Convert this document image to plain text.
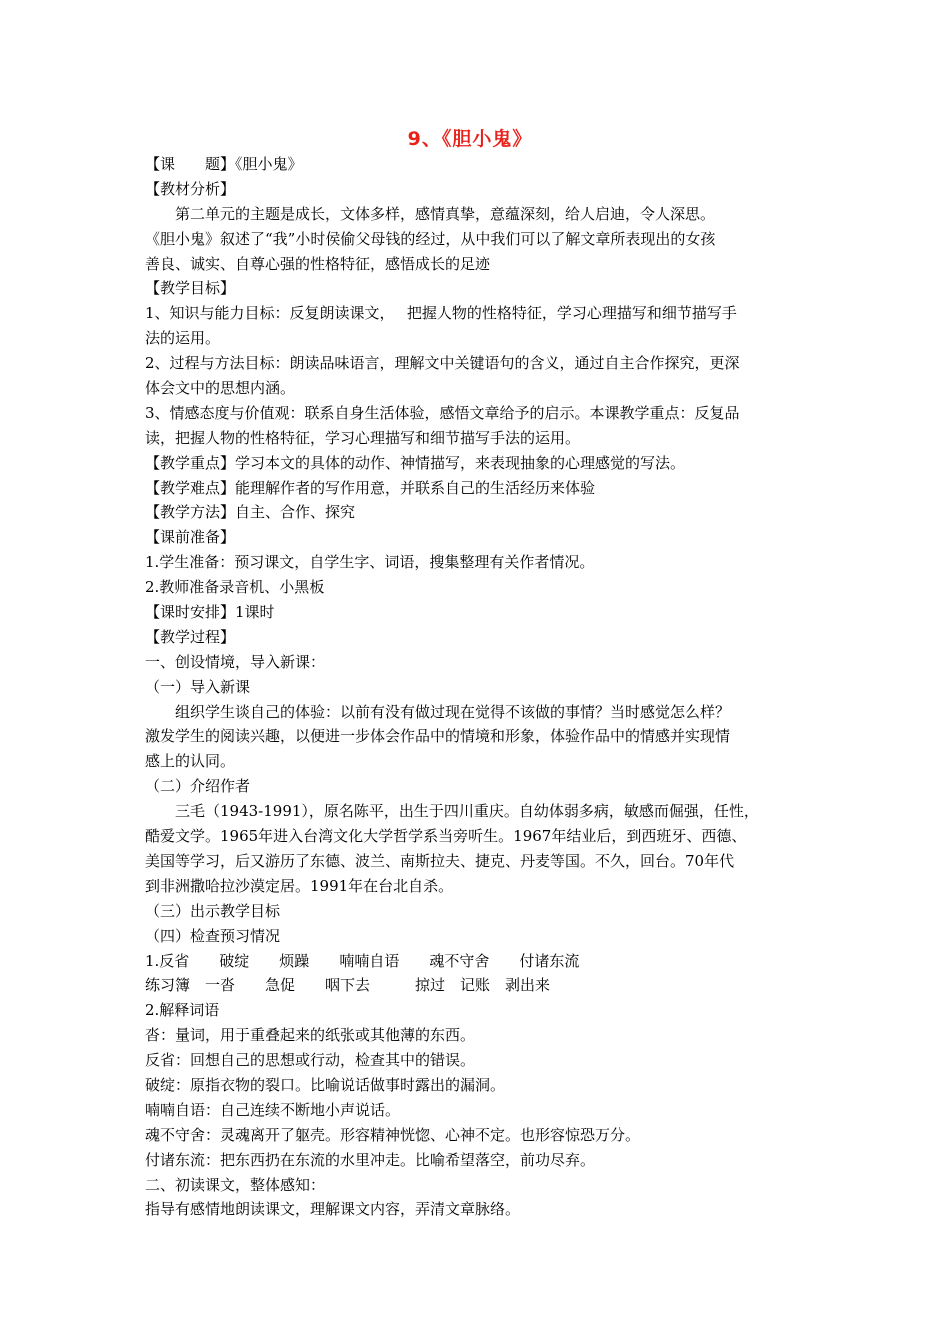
9、《胆小鬼》
【课　　题】《胆小鬼》
【教材分析】
　　第二单元的主题是成长，文体多样，感情真挚，意蕴深刻，给人启迪，令人深思。
《胆小鬼》叙述了“我”小时侯偷父母钱的经过，从中我们可以了解文章所表现出的女孩
善良、诚实、自尊心强的性格特征，感悟成长的足迹
【教学目标】
1、知识与能力目标：反复朗读课文，　 把握人物的性格特征，学习心理描写和细节描写手
法的运用。
2、过程与方法目标：朗读品味语言，理解文中关键语句的含义，通过自主合作探究，更深
体会文中的思想内涵。
3、情感态度与价值观：联系自身生活体验，感悟文章给予的启示。本课教学重点：反复品
读，把握人物的性格特征，学习心理描写和细节描写手法的运用。
【教学重点】学习本文的具体的动作、神情描写，来表现抽象的心理感觉的写法。
【教学难点】能理解作者的写作用意，并联系自己的生活经历来体验
【教学方法】自主、合作、探究
【课前准备】
1.学生准备：预习课文，自学生字、词语，搜集整理有关作者情况。
2.教师准备录音机、小黑板
【课时安排】1课时
【教学过程】
一、创设情境，导入新课：
（一）导入新课
　　组织学生谈自己的体验：以前有没有做过现在觉得不该做的事情？当时感觉怎么样？
激发学生的阅读兴趣，以便进一步体会作品中的情境和形象，体验作品中的情感并实现情
感上的认同。
（二）介绍作者
　　三毛（1943-1991），原名陈平，出生于四川重庆。自幼体弱多病，敏感而倔强，任性，
酷爱文学。1965年进入台湾文化大学哲学系当旁听生。1967年结业后，到西班牙、西德、
美国等学习，后又游历了东德、波兰、南斯拉夫、捷克、丹麦等国。不久，回台。70年代
到非洲撒哈拉沙漠定居。1991年在台北自杀。
（三）出示教学目标
（四）检查预习情况
1.反省　　破绽　　烦躁　　喃喃自语　　魂不守舍　　付诸东流
练习簿　一沓　　急促　　咽下去　　　掠过　记账　剥出来
2.解释词语
沓：量词，用于重叠起来的纸张或其他薄的东西。
反省：回想自己的思想或行动，检查其中的错误。
破绽：原指衣物的裂口。比喻说话做事时露出的漏洞。
喃喃自语：自己连续不断地小声说话。
魂不守舍：灵魂离开了躯壳。形容精神恍惚、心神不定。也形容惊恐万分。
付诸东流：把东西扔在东流的水里冲走。比喻希望落空，前功尽弃。
二、初读课文，整体感知：
指导有感情地朗读课文，理解课文内容，弄清文章脉络。
